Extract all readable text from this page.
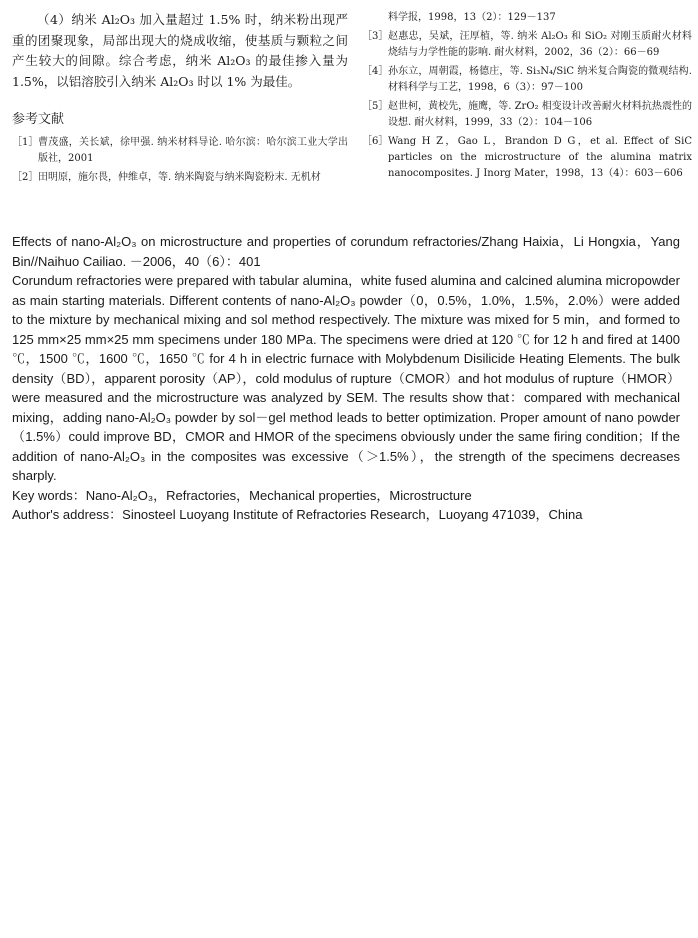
（4）纳米 Al₂O₃ 加入量超过 1.5% 时，纳米粉出现严重的团聚现象，局部出现大的烧成收缩，使基质与颗粒之间产生较大的间隙。综合考虑，纳米 Al₂O₃ 的最佳掺入量为 1.5%，以铝溶胶引入纳米 Al₂O₃ 时以 1% 为最佳。

参考文献
［1］ 曹茂盛，关长斌，徐甲强. 纳米材料导论. 哈尔滨：哈尔滨工业大学出版社，2001
［2］ 田明原，施尔畏，仲维卓，等. 纳米陶瓷与纳米陶瓷粉末. 无机材
料学报，1998，13（2）：129－137
［3］ 赵惠忠，吴斌，汪厚植，等. 纳米 Al₂O₃ 和 SiO₂ 对刚玉质耐火材料烧结与力学性能的影响. 耐火材料，2002，36（2）：66－69
［4］ 孙东立，周朝霞，杨德庄，等. Si₃N₄/SiC 纳米复合陶瓷的微观结构. 材料科学与工艺，1998，6（3）：97－100
［5］ 赵世柯，黄校先，施鹰，等. ZrO₂ 相变设计改善耐火材料抗热震性的设想. 耐火材料，1999，33（2）：104－106
［6］ Wang H Z，Gao L，Brandon D G，et al. Effect of SiC particles on the microstructure of the alumina matrix nanocomposites. J Inorg Mater，1998，13（4）：603－606

Effects of nano-Al₂O₃ on microstructure and properties of corundum refractories/Zhang Haixia，Li Hongxia，Yang Bin//Naihuo Cailiao. －2006，40（6）：401

Corundum refractories were prepared with tabular alumina，white fused alumina and calcined alumina micropowder as main starting materials. Different contents of nano-Al₂O₃ powder（0，0.5%，1.0%，1.5%，2.0%）were added to the mixture by mechanical mixing and sol method respectively. The mixture was mixed for 5 min，and formed to 125 mm×25 mm×25 mm specimens under 180 MPa. The specimens were dried at 120 ℃ for 12 h and fired at 1400 ℃，1500 ℃，1600 ℃，1650 ℃ for 4 h in electric furnace with Molybdenum Disilicide Heating Elements. The bulk density（BD），apparent porosity（AP），cold modulus of rupture（CMOR）and hot modulus of rupture（HMOR）were measured and the microstructure was analyzed by SEM. The results show that：compared with mechanical mixing，adding nano-Al₂O₃ powder by sol－gel method leads to better optimization. Proper amount of nano powder（1.5%）could improve BD，CMOR and HMOR of the specimens obviously under the same firing condition；If the addition of nano-Al₂O₃ in the composites was excessive（＞1.5%），the strength of the specimens decreases sharply.

Key words：Nano-Al₂O₃，Refractories，Mechanical properties，Microstructure

Author's address：Sinosteel Luoyang Institute of Refractories Research，Luoyang 471039，China
